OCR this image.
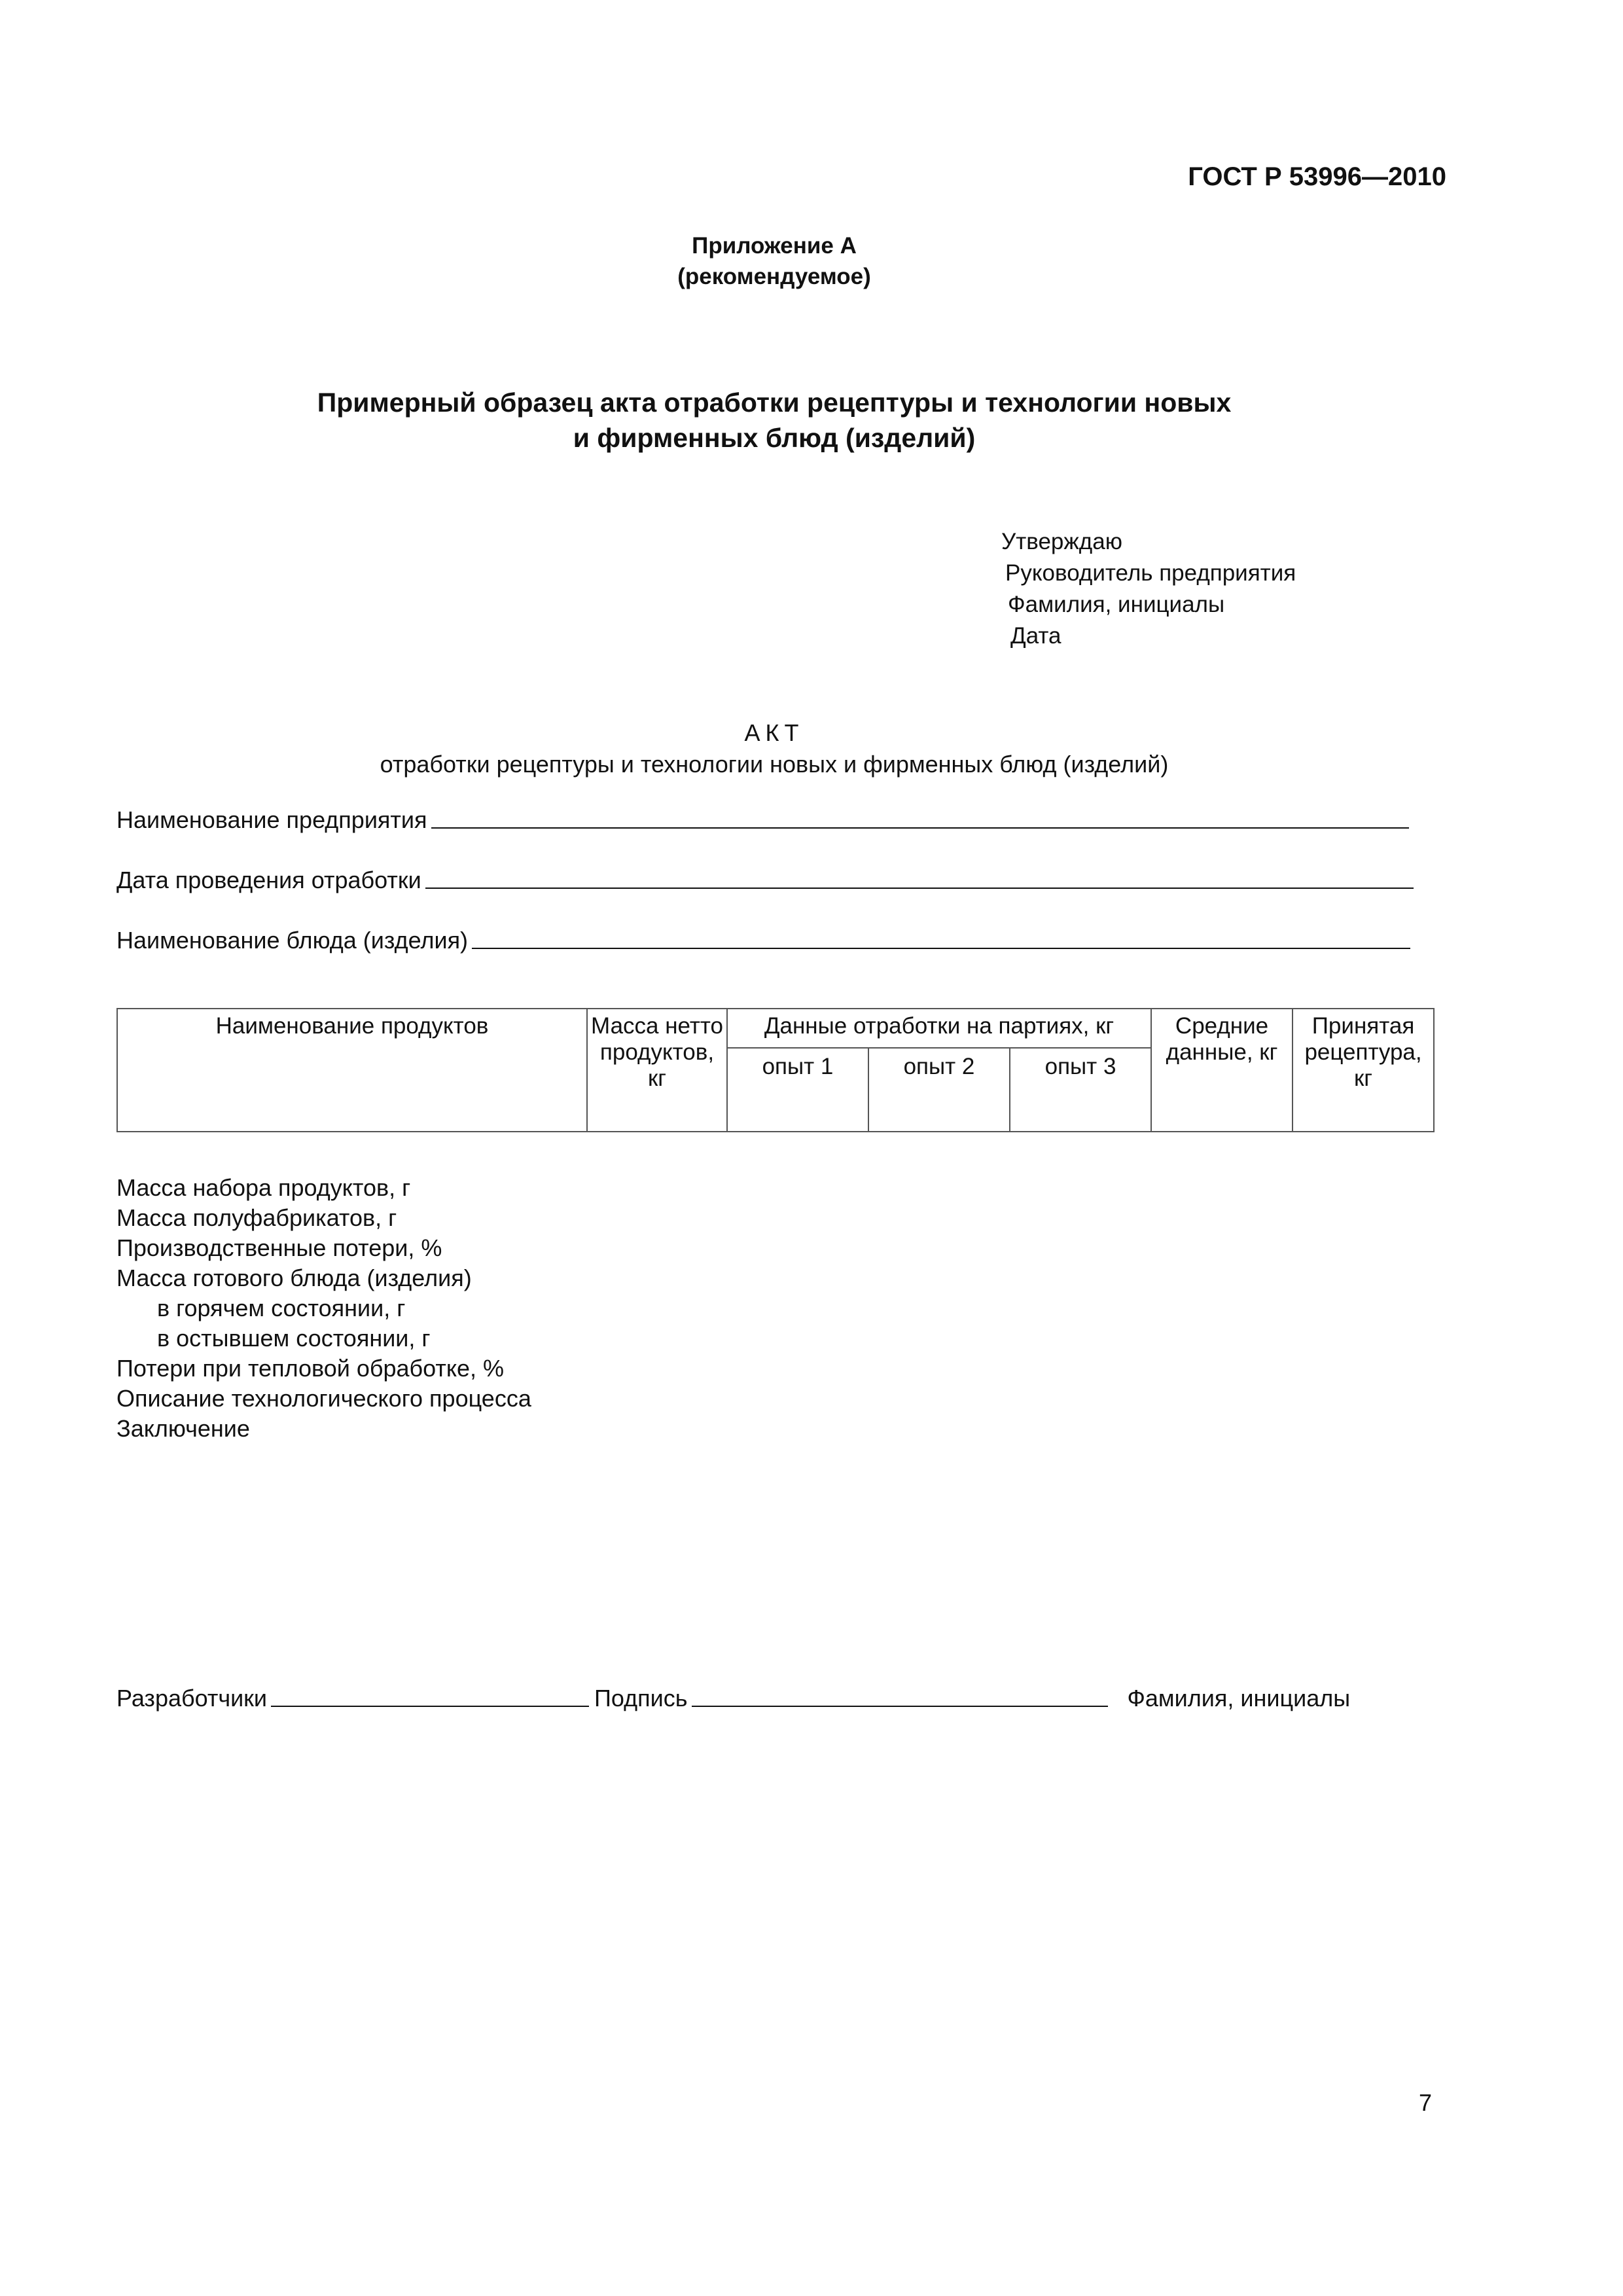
ГОСТ Р 53996—2010
Приложение А
(рекомендуемое)
Примерный образец акта отработки рецептуры и технологии новых
и фирменных блюд (изделий)
Утверждаю
Руководитель предприятия
Фамилия, инициалы
Дата
АКТ
отработки рецептуры и технологии новых и фирменных блюд (изделий)
Наименование предприятия
Дата проведения отработки
Наименование блюда (изделия)
Наименование продуктов	Масса нетто продуктов, кг	Данные отработки на партиях, кг			Средние данные, кг	Принятая рецептура, кг
		опыт 1	опыт 2	опыт 3		
Масса набора продуктов, г
Масса полуфабрикатов, г
Производственные потери, %
Масса готового блюда (изделия)
в горячем состоянии, г
в остывшем состоянии, г
Потери при тепловой обработке, %
Описание технологического процесса
Заключение
Разработчики	Подпись	Фамилия, инициалы
7
